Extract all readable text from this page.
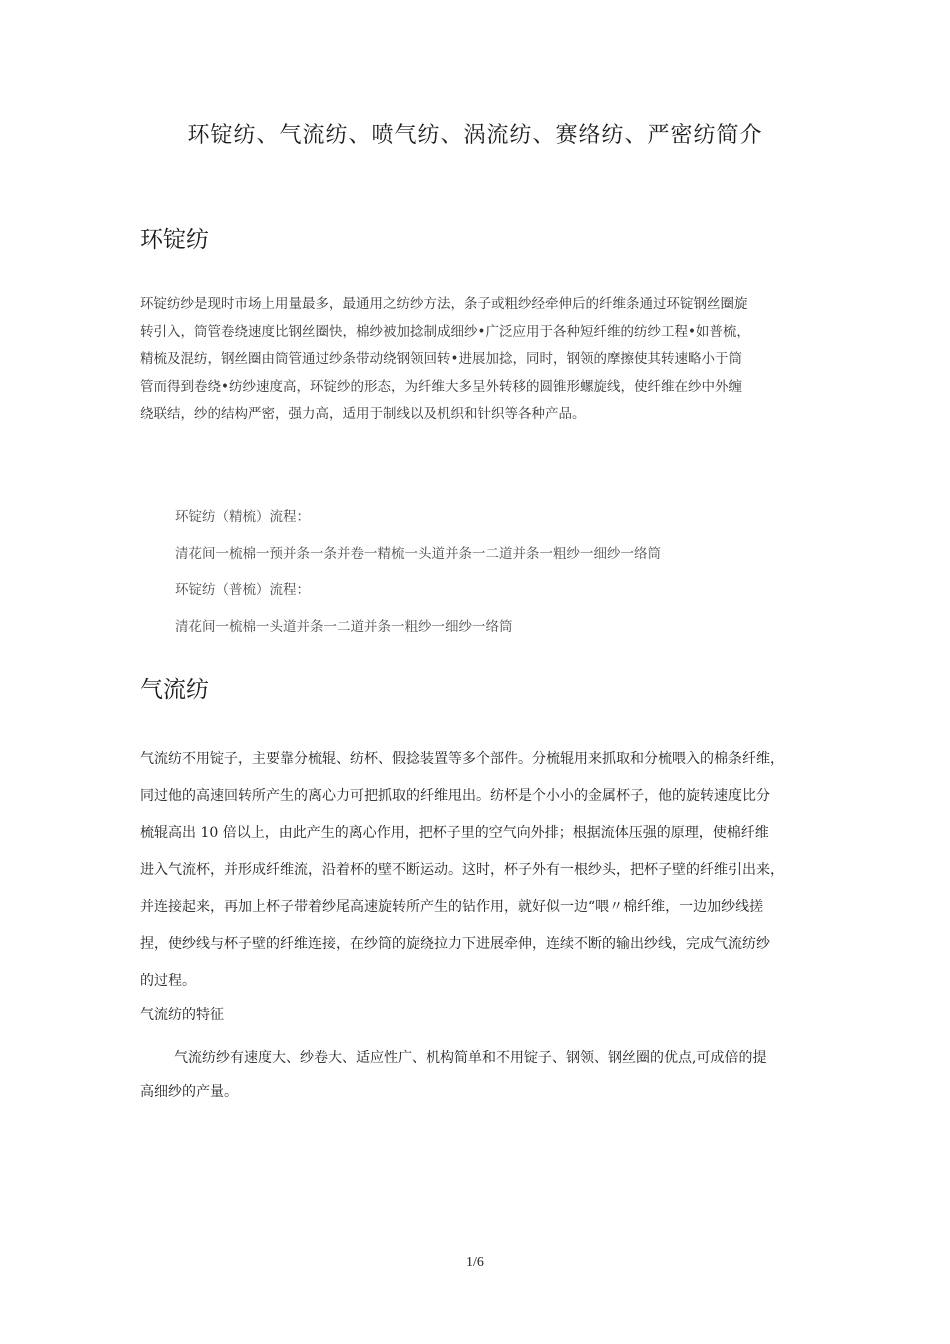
环锭纺、气流纺、喷气纺、涡流纺、赛络纺、严密纺简介
环锭纺
环锭纺纱是现时市场上用量最多，最通用之纺纱方法，条子或粗纱经牵伸后的纤维条通过环锭钢丝圈旋
转引入，筒管卷绕速度比钢丝圈快，棉纱被加捻制成细纱•广泛应用于各种短纤维的纺纱工程•如普梳，
精梳及混纺，钢丝圈由筒管通过纱条带动绕钢领回转•进展加捻，同时，钢领的摩擦使其转速略小于筒
管而得到卷绕•纺纱速度高，环锭纱的形态，为纤维大多呈外转移的圆锥形螺旋线，使纤维在纱中外缠
绕联结，纱的结构严密，强力高，适用于制线以及机织和针织等各种产品。
环锭纺（精梳）流程：
清花间一梳棉一预并条一条并卷一精梳一头道并条一二道并条一粗纱一细纱一络筒
环锭纺（普梳）流程：
清花间一梳棉一头道并条一二道并条一粗纱一细纱一络筒
气流纺
气流纺不用锭子，主要靠分梳辊、纺杯、假捻装置等多个部件。分梳辊用来抓取和分梳喂入的棉条纤维，
同过他的高速回转所产生的离心力可把抓取的纤维甩出。纺杯是个小小的金属杯子，他的旋转速度比分
梳辊高出 10 倍以上，由此产生的离心作用，把杯子里的空气向外排；根据流体压强的原理，使棉纤维
进入气流杯，并形成纤维流，沿着杯的壁不断运动。这时，杯子外有一根纱头，把杯子壁的纤维引出来，
并连接起来，再加上杯子带着纱尾高速旋转所产生的钻作用，就好似一边“喂〃棉纤维，一边加纱线搓
捏，使纱线与杯子壁的纤维连接，在纱筒的旋绕拉力下进展牵伸，连续不断的输出纱线，完成气流纺纱
的过程。
气流纺的特征
气流纺纱有速度大、纱卷大、适应性广、机构简单和不用锭子、钢领、钢丝圈的优点,可成倍的提
高细纱的产量。
1/6
